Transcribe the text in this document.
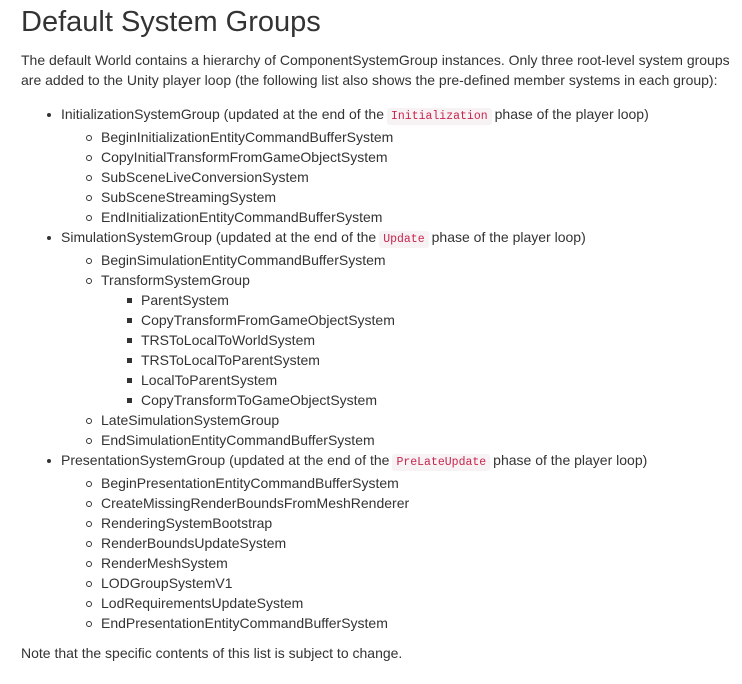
Default System Groups

The default World contains a hierarchy of ComponentSystemGroup instances. Only three root-level system groups are added to the Unity player loop (the following list also shows the pre-defined member systems in each group):

InitializationSystemGroup (updated at the end of the Initialization phase of the player loop)
BeginInitializationEntityCommandBufferSystem
CopyInitialTransformFromGameObjectSystem
SubSceneLiveConversionSystem
SubSceneStreamingSystem
EndInitializationEntityCommandBufferSystem
SimulationSystemGroup (updated at the end of the Update phase of the player loop)
BeginSimulationEntityCommandBufferSystem
TransformSystemGroup
ParentSystem
CopyTransformFromGameObjectSystem
TRSToLocalToWorldSystem
TRSToLocalToParentSystem
LocalToParentSystem
CopyTransformToGameObjectSystem
LateSimulationSystemGroup
EndSimulationEntityCommandBufferSystem
PresentationSystemGroup (updated at the end of the PreLateUpdate phase of the player loop)
BeginPresentationEntityCommandBufferSystem
CreateMissingRenderBoundsFromMeshRenderer
RenderingSystemBootstrap
RenderBoundsUpdateSystem
RenderMeshSystem
LODGroupSystemV1
LodRequirementsUpdateSystem
EndPresentationEntityCommandBufferSystem

Note that the specific contents of this list is subject to change.
